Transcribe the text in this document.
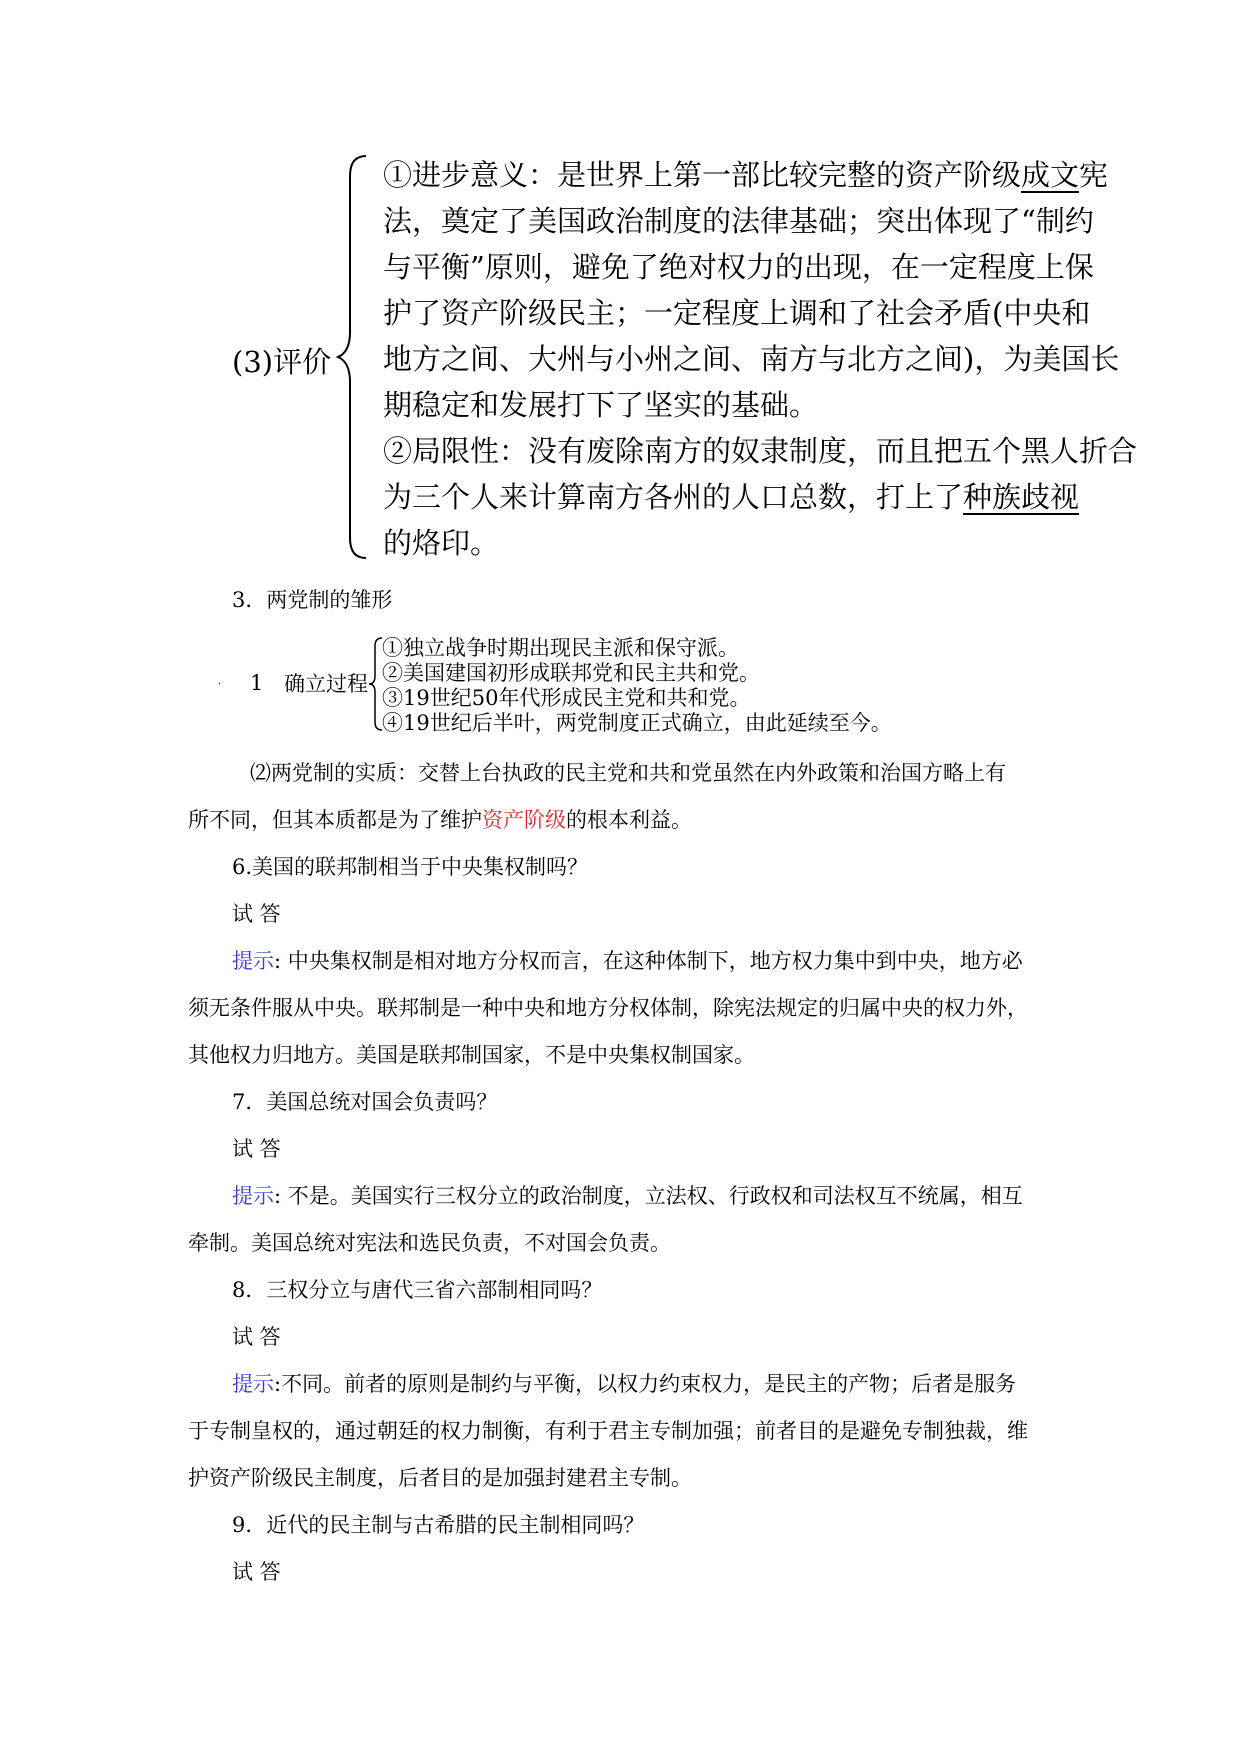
(3)评价
①进步意义：是世界上第一部比较完整的资产阶级成文宪
法，奠定了美国政治制度的法律基础；突出体现了“制约
与平衡”原则，避免了绝对权力的出现，在一定程度上保
护了资产阶级民主；一定程度上调和了社会矛盾(中央和
地方之间、大州与小州之间、南方与北方之间)，为美国长
期稳定和发展打下了坚实的基础。
②局限性：没有废除南方的奴隶制度，而且把五个黑人折合
为三个人来计算南方各州的人口总数，打上了种族歧视
的烙印。
3．两党制的雏形
. 1 确立过程
①独立战争时期出现民主派和保守派。
②美国建国初形成联邦党和民主共和党。
③19世纪50年代形成民主党和共和党。
④19世纪后半叶，两党制度正式确立，由此延续至今。
⑵两党制的实质：交替上台执政的民主党和共和党虽然在内外政策和治国方略上有
所不同，但其本质都是为了维护资产阶级的根本利益。
6.美国的联邦制相当于中央集权制吗？
试 答
提示: 中央集权制是相对地方分权而言，在这种体制下，地方权力集中到中央，地方必
须无条件服从中央。联邦制是一种中央和地方分权体制，除宪法规定的归属中央的权力外，
其他权力归地方。美国是联邦制国家，不是中央集权制国家。
7．美国总统对国会负责吗？
试 答
提示: 不是。美国实行三权分立的政治制度，立法权、行政权和司法权互不统属，相互
牵制。美国总统对宪法和选民负责，不对国会负责。
8．三权分立与唐代三省六部制相同吗？
试 答
提示:不同。前者的原则是制约与平衡，以权力约束权力，是民主的产物；后者是服务
于专制皇权的，通过朝廷的权力制衡，有利于君主专制加强；前者目的是避免专制独裁，维
护资产阶级民主制度，后者目的是加强封建君主专制。
9．近代的民主制与古希腊的民主制相同吗？
试 答
